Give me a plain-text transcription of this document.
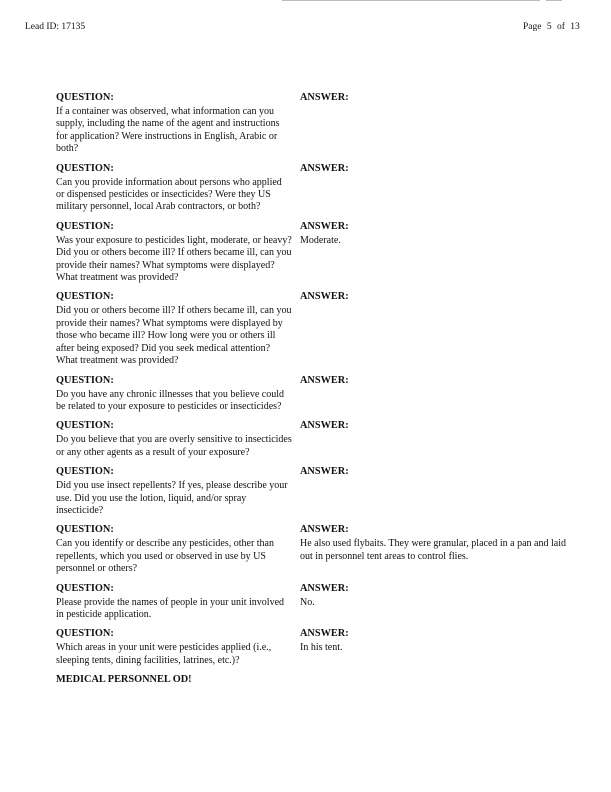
Lead ID: 17135	Page 5 of 13
QUESTION:
If a container was observed, what information can you supply, including the name of the agent and instructions for application? Were instructions in English, Arabic or both?
ANSWER:
QUESTION:
Can you provide information about persons who applied or dispensed pesticides or insecticides? Were they US military personnel, local Arab contractors, or both?
ANSWER:
QUESTION:
Was your exposure to pesticides light, moderate, or heavy? Did you or others become ill? If others became ill, can you provide their names? What symptoms were displayed? What treatment was provided?
ANSWER:
Moderate.
QUESTION:
Did you or others become ill? If others became ill, can you provide their names? What symptoms were displayed by those who became ill? How long were you or others ill after being exposed? Did you seek medical attention? What treatment was provided?
ANSWER:
QUESTION:
Do you have any chronic illnesses that you believe could be related to your exposure to pesticides or insecticides?
ANSWER:
QUESTION:
Do you believe that you are overly sensitive to insecticides or any other agents as a result of your exposure?
ANSWER:
QUESTION:
Did you use insect repellents? If yes, please describe your use. Did you use the lotion, liquid, and/or spray insecticide?
ANSWER:
QUESTION:
Can you identify or describe any pesticides, other than repellents, which you used or observed in use by US personnel or others?
ANSWER:
He also used flybaits. They were granular, placed in a pan and laid out in personnel tent areas to control flies.
QUESTION:
Please provide the names of people in your unit involved in pesticide application.
ANSWER:
No.
QUESTION:
Which areas in your unit were pesticides applied (i.e., sleeping tents, dining facilities, latrines, etc.)?
ANSWER:
In his tent.
MEDICAL PERSONNEL OD!
